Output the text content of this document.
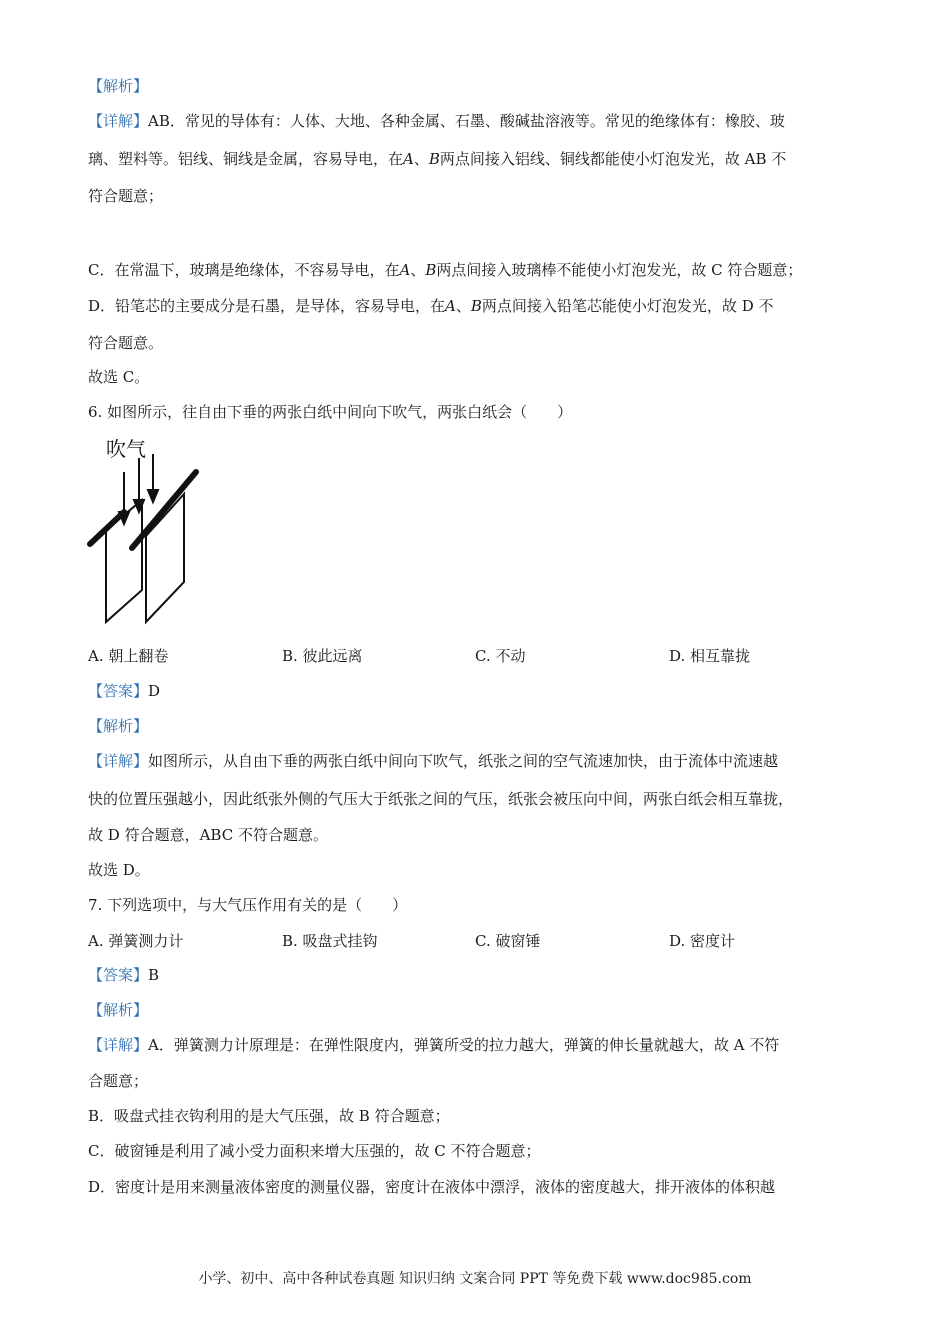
【解析】
【详解】AB．常见的导体有：人体、大地、各种金属、石墨、酸碱盐溶液等。常见的绝缘体有：橡胶、玻
璃、塑料等。铝线、铜线是金属，容易导电，在A、B两点间接入铝线、铜线都能使小灯泡发光，故 AB 不
符合题意；
C．在常温下，玻璃是绝缘体，不容易导电，在A、B两点间接入玻璃棒不能使小灯泡发光，故 C 符合题意；
D．铅笔芯的主要成分是石墨，是导体，容易导电，在A、B两点间接入铅笔芯能使小灯泡发光，故 D 不
符合题意。
故选 C。
6. 如图所示，往自由下垂的两张白纸中间向下吹气，两张白纸会（　　）
吹气
A. 朝上翻卷	B. 彼此远离	C. 不动	D. 相互靠拢
【答案】D
【解析】
【详解】如图所示，从自由下垂的两张白纸中间向下吹气，纸张之间的空气流速加快，由于流体中流速越
快的位置压强越小，因此纸张外侧的气压大于纸张之间的气压，纸张会被压向中间，两张白纸会相互靠拢，
故 D 符合题意，ABC 不符合题意。
故选 D。
7. 下列选项中，与大气压作用有关的是（　　）
A. 弹簧测力计	B. 吸盘式挂钩	C. 破窗锤	D. 密度计
【答案】B
【解析】
【详解】A．弹簧测力计原理是：在弹性限度内，弹簧所受的拉力越大，弹簧的伸长量就越大，故 A 不符
合题意；
B．吸盘式挂衣钩利用的是大气压强，故 B 符合题意；
C．破窗锤是利用了减小受力面积来增大压强的，故 C 不符合题意；
D．密度计是用来测量液体密度的测量仪器，密度计在液体中漂浮，液体的密度越大，排开液体的体积越
小学、初中、高中各种试卷真题 知识归纳 文案合同 PPT 等免费下载 www.doc985.com
